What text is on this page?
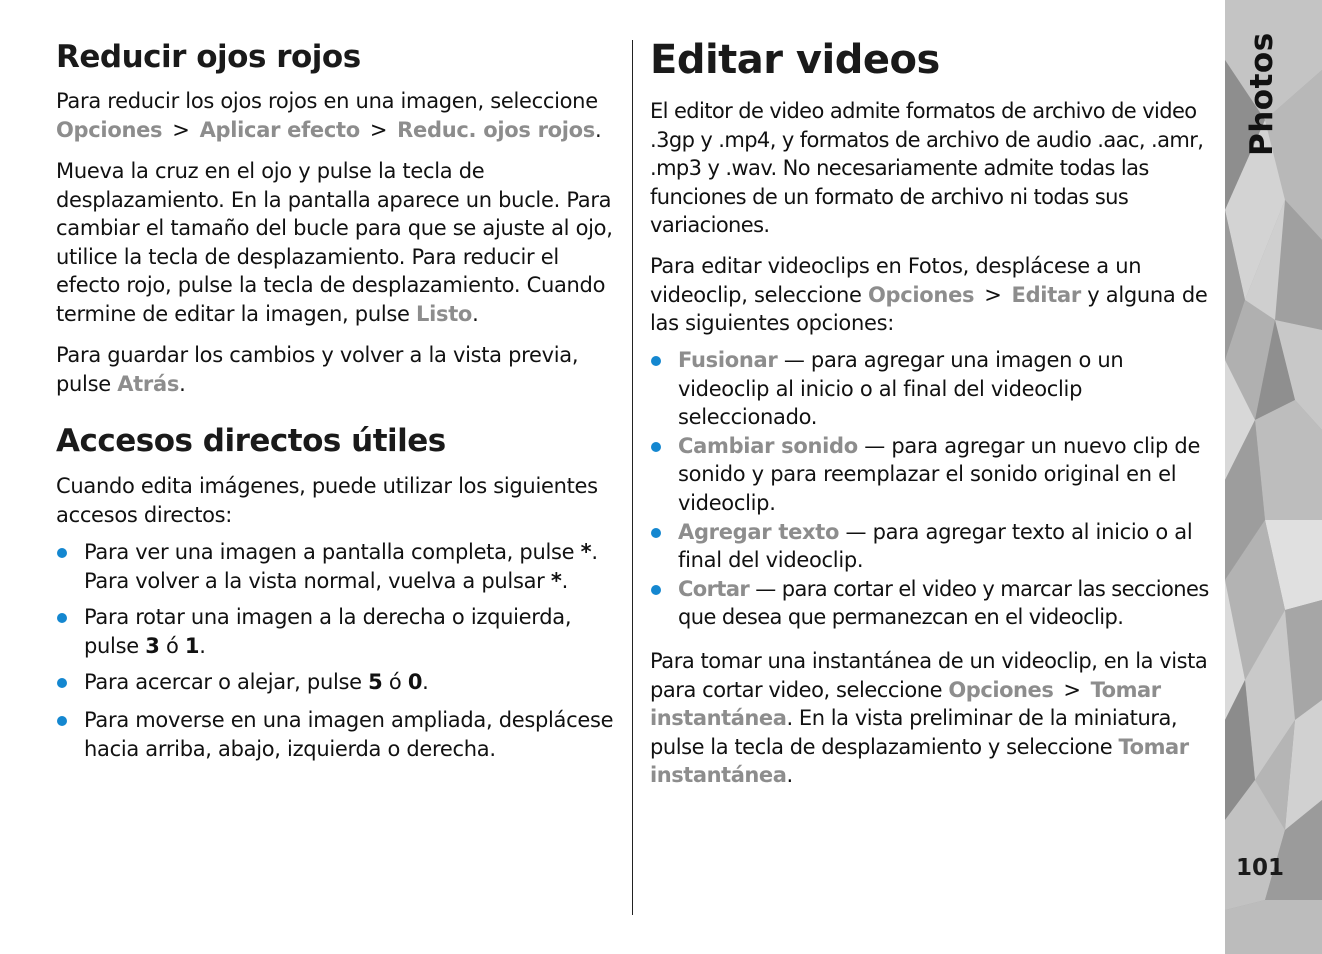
Reducir ojos rojos

Para reducir los ojos rojos en una imagen, seleccione Opciones > Aplicar efecto > Reduc. ojos rojos.

Mueva la cruz en el ojo y pulse la tecla de desplazamiento. En la pantalla aparece un bucle. Para cambiar el tamaño del bucle para que se ajuste al ojo, utilice la tecla de desplazamiento. Para reducir el efecto rojo, pulse la tecla de desplazamiento. Cuando termine de editar la imagen, pulse Listo.

Para guardar los cambios y volver a la vista previa, pulse Atrás.

Accesos directos útiles

Cuando edita imágenes, puede utilizar los siguientes accesos directos:

Para ver una imagen a pantalla completa, pulse *. Para volver a la vista normal, vuelva a pulsar *.
Para rotar una imagen a la derecha o izquierda, pulse 3 ó 1.
Para acercar o alejar, pulse 5 ó 0.
Para moverse en una imagen ampliada, desplácese hacia arriba, abajo, izquierda o derecha.
Editar videos

El editor de video admite formatos de archivo de video .3gp y .mp4, y formatos de archivo de audio .aac, .amr, .mp3 y .wav. No necesariamente admite todas las funciones de un formato de archivo ni todas sus variaciones.

Para editar videoclips en Fotos, desplácese a un videoclip, seleccione Opciones > Editar y alguna de las siguientes opciones:

Fusionar — para agregar una imagen o un videoclip al inicio o al final del videoclip seleccionado.
Cambiar sonido — para agregar un nuevo clip de sonido y para reemplazar el sonido original en el videoclip.
Agregar texto — para agregar texto al inicio o al final del videoclip.
Cortar — para cortar el video y marcar las secciones que desea que permanezcan en el videoclip.

Para tomar una instantánea de un videoclip, en la vista para cortar video, seleccione Opciones > Tomar instantánea. En la vista preliminar de la miniatura, pulse la tecla de desplazamiento y seleccione Tomar instantánea.

Photos
101
